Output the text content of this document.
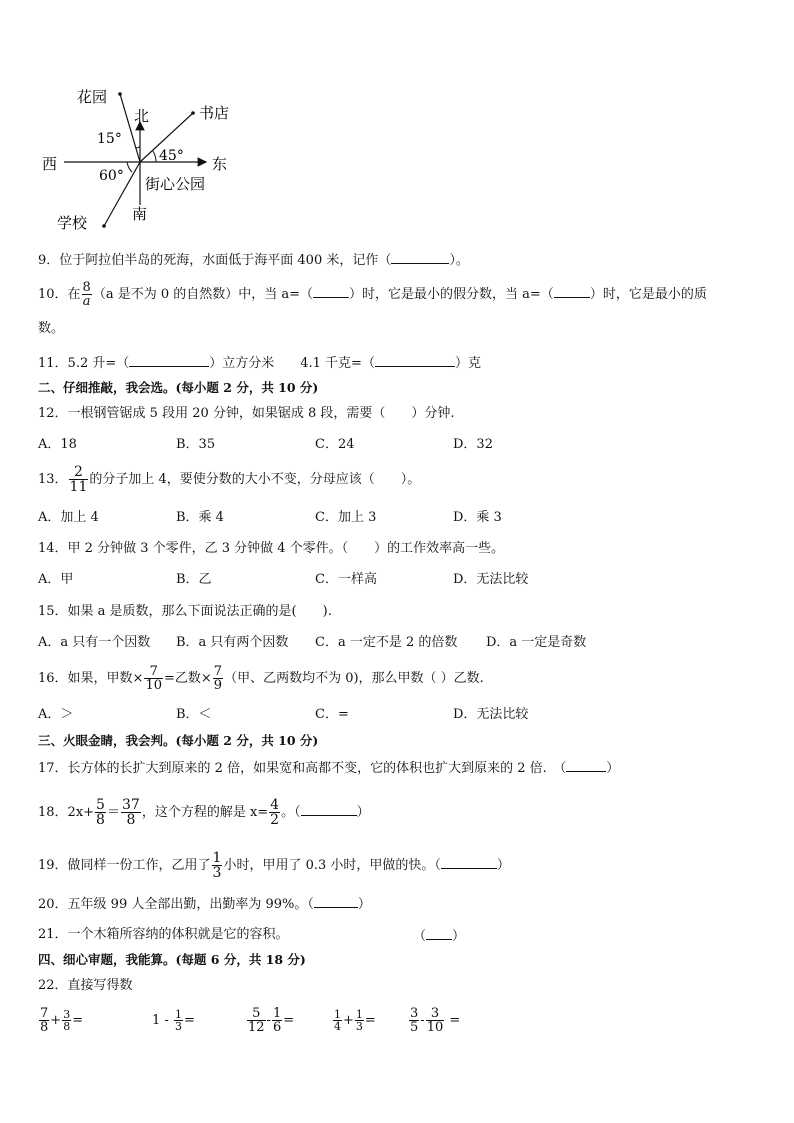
花园
北	书店
15°
45°
西	东
60° 街心公园
南
学校
9．位于阿拉伯半岛的死海，水面低于海平面 400 米，记作（	）。
10．在 $\frac{8}{a} (a$ 是不为 0 的自然数）中，当 a=（	）时，它是最小的假分数，当 a=（	）时，它是最小的质
数。
11．5.2 升=（	）立方分米　　4.1 千克=（	）克
二、仔细推敲，我会选。(每小题 2 分，共 10 分)
12．一根钢管锯成 5 段用 20 分钟，如果锯成 8 段，需要（　　）分钟.
A．18	B．35	C．24	D．32
13． $\frac{2}{11}$ 的分子加上 4，要使分数的大小不变，分母应该（　　）。
A．加上 4	B．乘 4	C．加上 3	D．乘 3
14．甲 2 分钟做 3 个零件，乙 3 分钟做 4 个零件。（　　）的工作效率高一些。
A．甲	B．乙	C．一样高	D．无法比较
15．如果 a 是质数，那么下面说法正确的是(　　).
A．a 只有一个因数 B．a 只有两个因数 C．a 一定不是 2 的倍数 D．a 一定是奇数
16．如果，甲数× $\frac{7}{10}$ =乙数× $\frac{7}{9}$ （甲、乙两数均不为 0)，那么甲数（ ）乙数.
A．＞	B．＜	C．=	D．无法比较
三、火眼金睛，我会判。(每小题 2 分，共 10 分)
17．长方体的长扩大到原来的 2 倍，如果宽和高都不变，它的体积也扩大到原来的 2 倍.　（	）
18．$2x+ \frac{5}{8} = \frac{37}{8}$ ，这个方程的解是 $x= \frac{4}{2}$ 。（	）
19．做同样一份工作，乙用了 $\frac{1}{3}$ 小时，甲用了 0.3 小时，甲做的快。（	）
20．五年级 99 人全部出勤，出勤率为 99%。（	）
21．一个木箱所容纳的体积就是它的容积。	（ ）
四、细心审题，我能算。(每题 6 分，共 18 分)
22．直接写得数
$\frac{7}{8} + \frac{3}{8}$ =	$1 - \frac{1}{3}$ =	$\frac{5}{12} - \frac{1}{6}$ =	$\frac{1}{4} + \frac{1}{3}$ =	$\frac{3}{5} - \frac{3}{10}$ =
